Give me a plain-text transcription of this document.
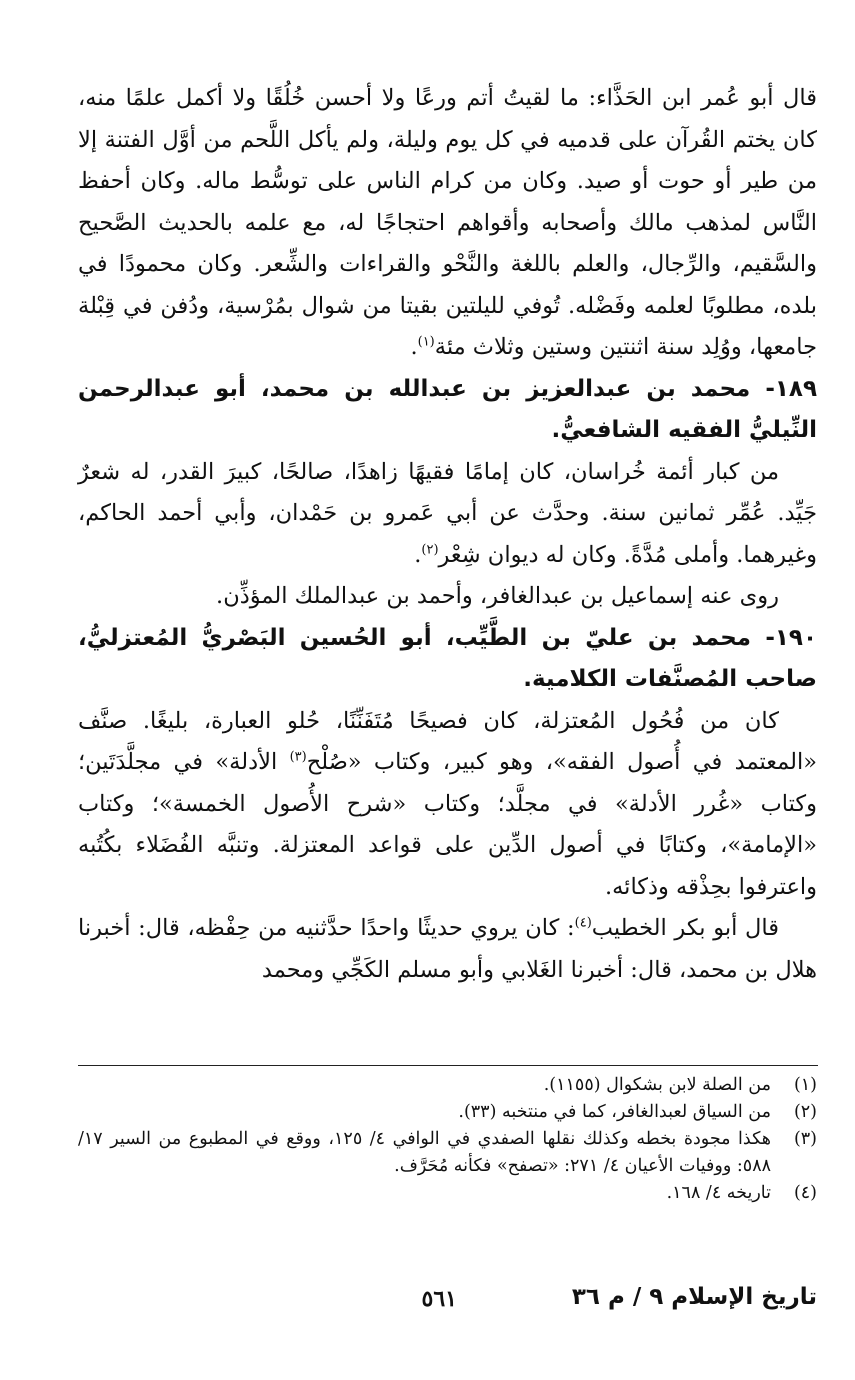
قال أبو عُمر ابن الحَذَّاء: ما لقيتُ أتم ورعًا ولا أحسن خُلُقًا ولا أكمل علمًا منه، كان يختم القُرآن على قدميه في كل يوم وليلة، ولم يأكل اللَّحم من أوَّل الفتنة إلا من طير أو حوت أو صيد. وكان من كرام الناس على توسُّط ماله. وكان أحفظ النَّاس لمذهب مالك وأصحابه وأقواهم احتجاجًا له، مع علمه بالحديث الصَّحيح والسَّقيم، والرِّجال، والعلم باللغة والنَّحْو والقراءات والشِّعر. وكان محمودًا في بلده، مطلوبًا لعلمه وفَضْله. تُوفي لليلتين بقيتا من شوال بمُرْسية، ودُفن في قِبْلة جامعها، ووُلِد سنة اثنتين وستين وثلاث مئة$^{(١)}$.

١٨٩- محمد بن عبدالعزيز بن عبدالله بن محمد، أبو عبدالرحمن النِّيليُّ الفقيه الشافعيُّ.

من كبار أئمة خُراسان، كان إمامًا فقيهًا زاهدًا، صالحًا، كبيرَ القدر، له شعرٌ جَيِّد. عُمِّر ثمانين سنة. وحدَّث عن أبي عَمرو بن حَمْدان، وأبي أحمد الحاكم، وغيرهما. وأملى مُدَّةً. وكان له ديوان شِعْر$^{(٢)}$.

روى عنه إسماعيل بن عبدالغافر، وأحمد بن عبدالملك المؤذِّن.

١٩٠- محمد بن عليّ بن الطَّيِّب، أبو الحُسين البَصْريُّ المُعتزليُّ، صاحب المُصنَّفات الكلامية.

كان من فُحُول المُعتزلة، كان فصيحًا مُتَفَنِّنًا، حُلو العبارة، بليغًا. صنَّف «المعتمد في أُصول الفقه»، وهو كبير، وكتاب «صُلْح$^{(٣)}$ الأدلة» في مجلَّدَتَين؛ وكتاب «غُرر الأدلة» في مجلَّد؛ وكتاب «شرح الأُصول الخمسة»؛ وكتاب «الإمامة»، وكتابًا في أصول الدِّين على قواعد المعتزلة. وتنبَّه الفُضَلاء بكُتُبه واعترفوا بحِذْقه وذكائه.

قال أبو بكر الخطيب$^{(٤)}$: كان يروي حديثًا واحدًا حدَّثنيه من حِفْظه، قال: أخبرنا هلال بن محمد، قال: أخبرنا الغَلابي وأبو مسلم الكَجِّي ومحمد

(١)
من الصلة لابن بشكوال (١١٥٥).
(٢)
من السياق لعبدالغافر، كما في منتخبه (٣٣).
(٣)
هكذا مجودة بخطه وكذلك نقلها الصفدي في الوافي ٤/ ١٢٥، ووقع في المطبوع من السير ١٧/ ٥٨٨: ووفيات الأعيان ٤/ ٢٧١: «تصفح» فكأنه مُحَرَّف.
(٤)
تاريخه ٤/ ١٦٨.
تاريخ الإسلام ٩ / م ٣٦
٥٦١
